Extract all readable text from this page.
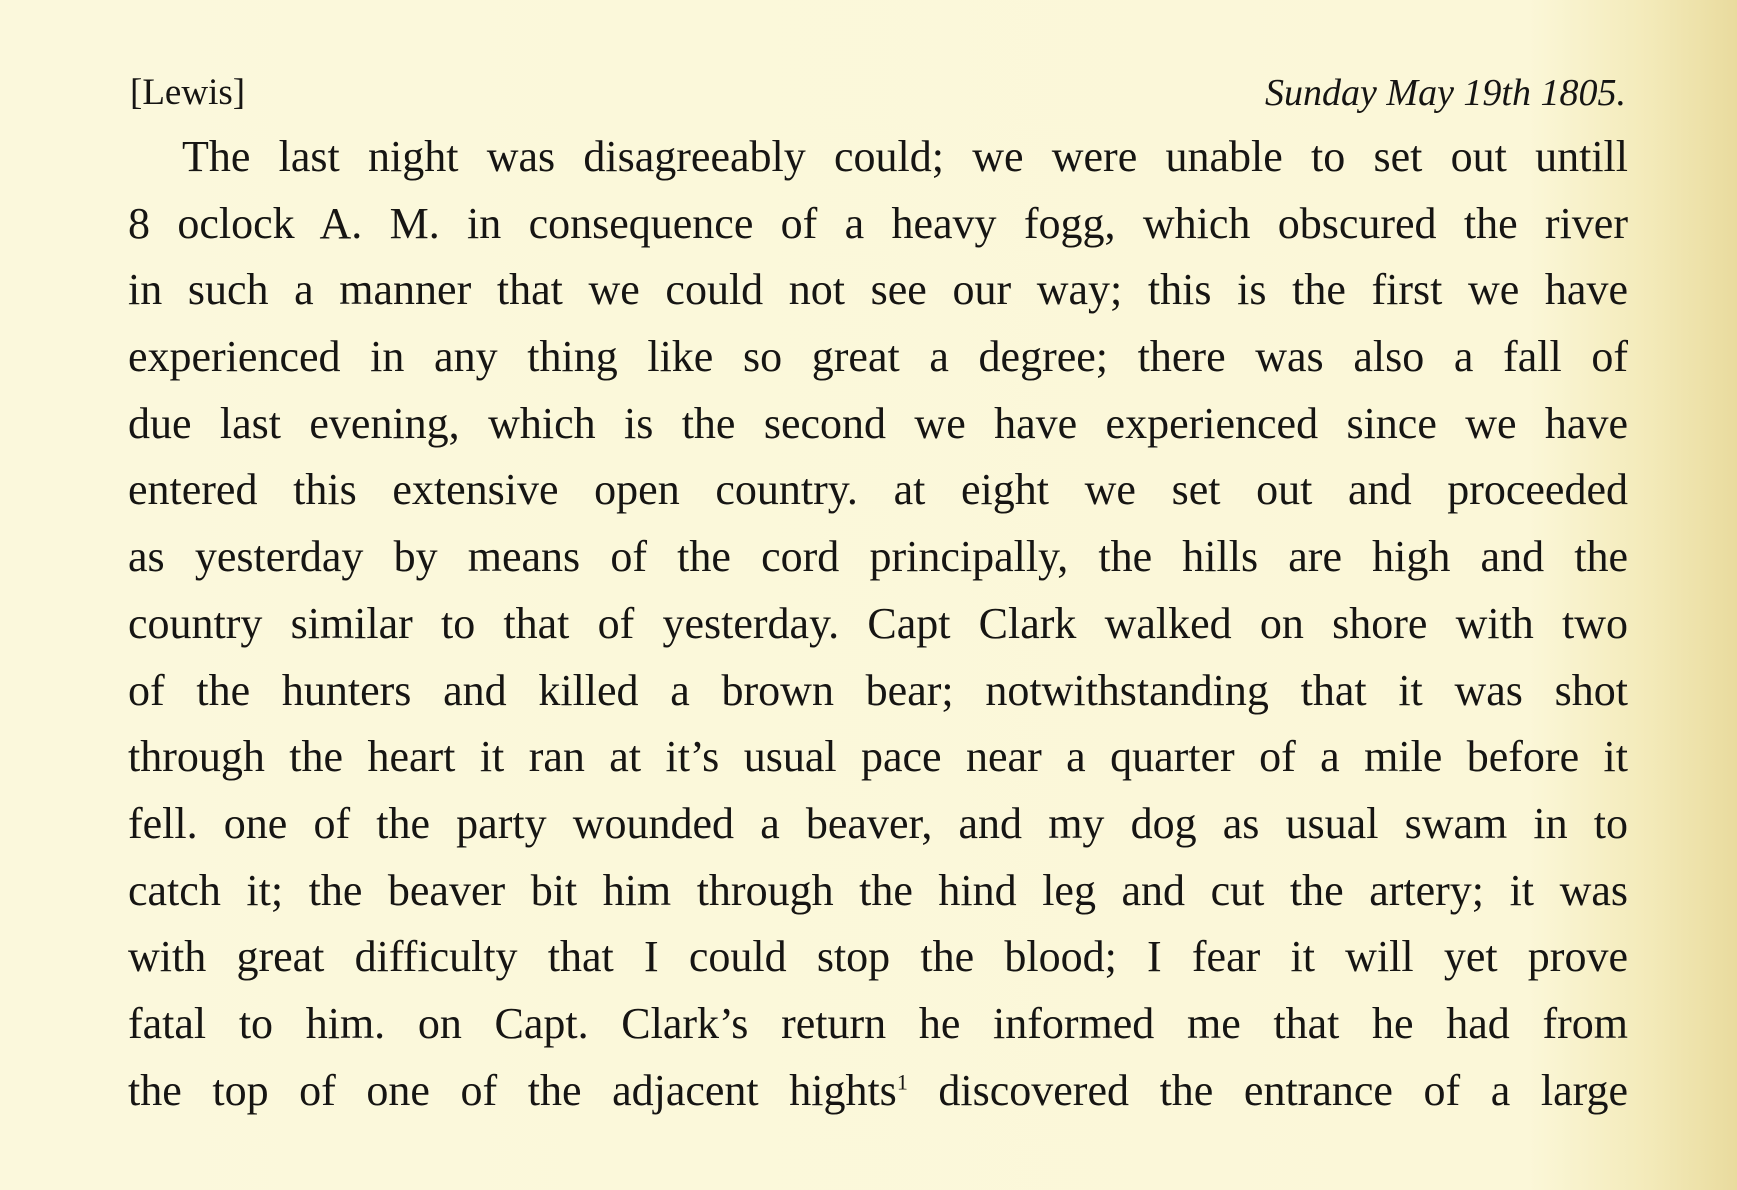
[Lewis]	Sunday May 19th 1805.
The last night was disagreeably could; we were unable to set out untill
8 oclock A. M. in consequence of a heavy fogg, which obscured the river
in such a manner that we could not see our way; this is the first we have
experienced in any thing like so great a degree; there was also a fall of
due last evening, which is the second we have experienced since we have
entered this extensive open country. at eight we set out and proceeded
as yesterday by means of the cord principally, the hills are high and the
country similar to that of yesterday. Capt Clark walked on shore with two
of the hunters and killed a brown bear; notwithstanding that it was shot
through the heart it ran at it’s usual pace near a quarter of a mile before it
fell. one of the party wounded a beaver, and my dog as usual swam in to
catch it; the beaver bit him through the hind leg and cut the artery; it was
with great difficulty that I could stop the blood; I fear it will yet prove
fatal to him. on Capt. Clark’s return he informed me that he had from
the top of one of the adjacent hights$^1$ discovered the entrance of a large
